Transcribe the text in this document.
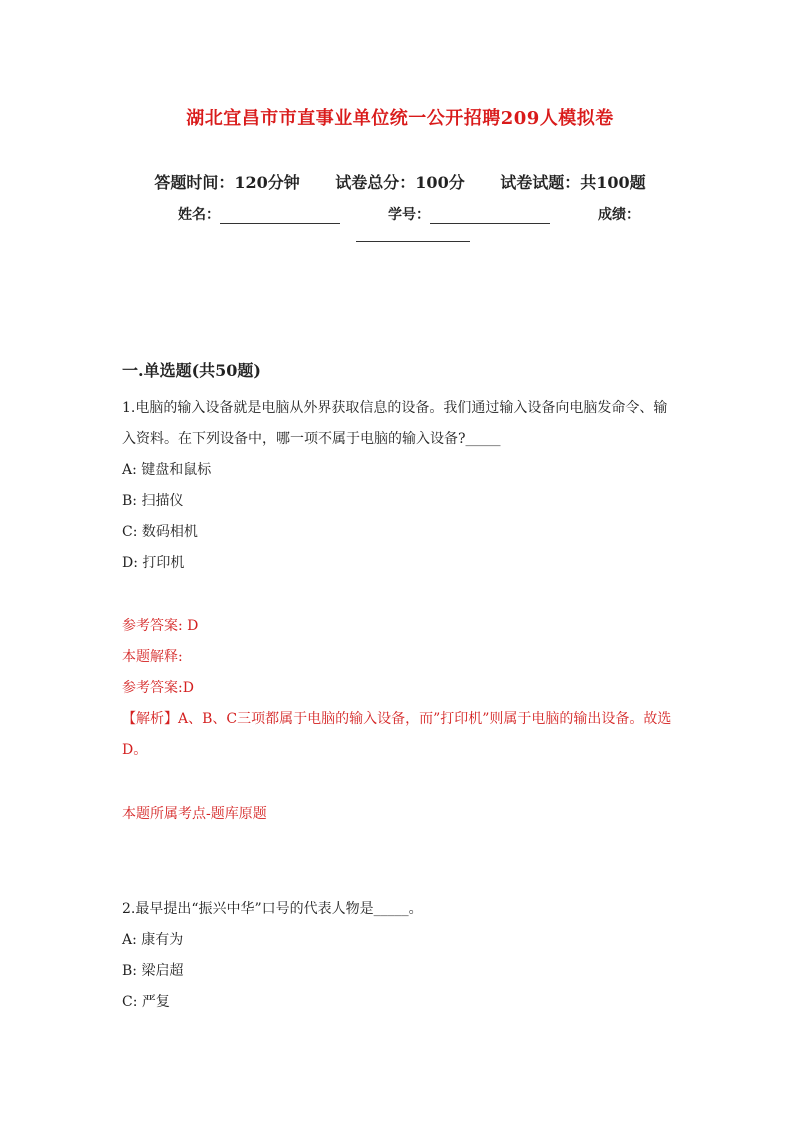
湖北宜昌市市直事业单位统一公开招聘209人模拟卷
答题时间：120分钟 试卷总分：100分 试卷试题：共100题
姓名：	学号：	成绩：
一.单选题(共50题)
1.电脑的输入设备就是电脑从外界获取信息的设备。我们通过输入设备向电脑发命令、输入资料。在下列设备中，哪一项不属于电脑的输入设备?_____
A: 键盘和鼠标
B: 扫描仪
C: 数码相机
D: 打印机
参考答案: D
本题解释:
参考答案:D
【解析】A、B、C三项都属于电脑的输入设备，而”打印机”则属于电脑的输出设备。故选D。
本题所属考点-题库原题
2.最早提出“振兴中华”口号的代表人物是_____。
A: 康有为
B: 梁启超
C: 严复
